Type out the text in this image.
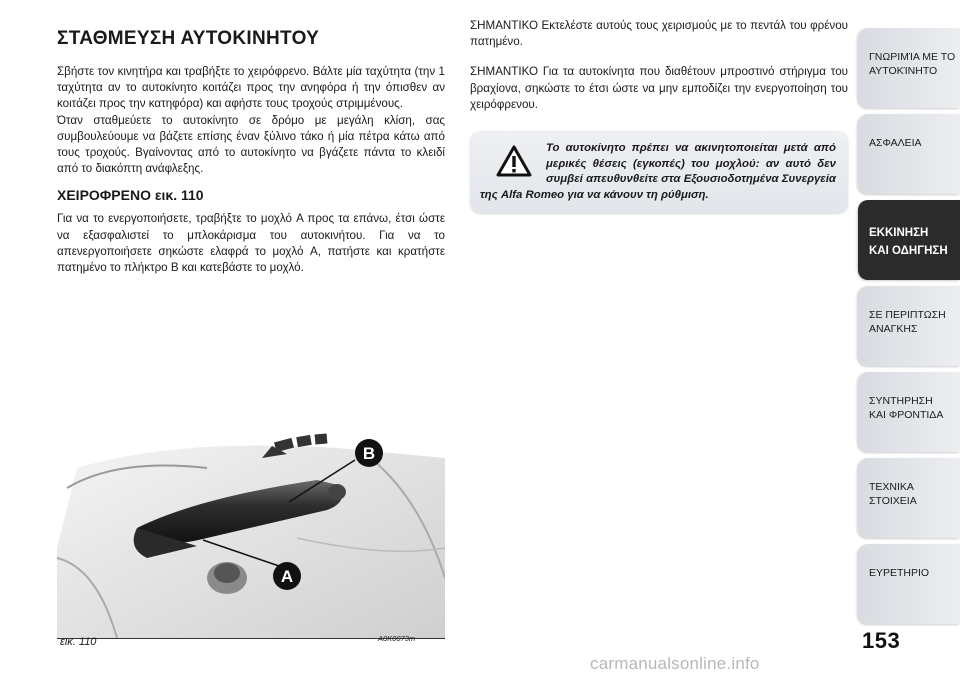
ΣΤΑΘΜΕΥΣΗ ΑΥΤΟΚΙΝΗΤΟΥ

Σβήστε τον κινητήρα και τραβήξτε το χειρόφρενο. Βάλτε μία ταχύτητα (την 1 ταχύτητα αν το αυτοκίνητο κοιτάζει προς την ανηφόρα ή την όπισθεν αν κοιτάζει προς την κατηφόρα) και αφήστε τους τροχούς στριμμένους.

Όταν σταθμεύετε το αυτοκίνητο σε δρόμο με μεγάλη κλίση, σας συμβουλεύουμε να βάζετε επίσης έναν ξύλινο τάκο ή μία πέτρα κάτω από τους τροχούς. Βγαίνοντας από το αυτοκίνητο να βγάζετε πάντα το κλειδί από το διακόπτη ανάφλεξης.

ΧΕΙΡΟΦΡΕΝΟ εικ. 110

Για να το ενεργοποιήσετε, τραβήξτε το μοχλό A προς τα επάνω, έτσι ώστε να εξασφαλιστεί το μπλοκάρισμα του αυτοκινήτου. Για να το απενεργοποιήσετε σηκώστε ελαφρά το μοχλό A, πατήστε και κρατήστε πατημένο το πλήκτρο B και κατεβάστε το μοχλό.

ΣΗΜΑΝΤΙΚΟ Εκτελέστε αυτούς τους χειρισμούς με το πεντάλ του φρένου πατημένο.

ΣΗΜΑΝΤΙΚΟ Για τα αυτοκίνητα που διαθέτουν μπροστινό στήριγμα του βραχίονα, σηκώστε το έτσι ώστε να μην εμποδίζει την ενεργοποίηση του χειρόφρενου.

Το αυτοκίνητο πρέπει να ακινητοποιείται μετά από μερικές θέσεις (εγκοπές) του μοχλού: αν αυτό δεν συμβεί απευθυνθείτε στα Εξουσιοδοτημένα Συνεργεία της Alfa Romeo για να κάνουν τη ρύθμιση.

B
A
εικ. 110	A0K0073m
ΓΝΩΡΙΜΊΑ ΜΕ ΤΟ
ΑΥΤΟΚΊΝΗΤΟ
ΑΣΦΑΛΕΙΑ
ΕΚΚΙΝΗΣΗ
ΚΑΙ ΟΔΗΓΗΣΗ
ΣΕ ΠΕΡΙΠΤΩΣΗ
ΑΝΑΓΚΗΣ
ΣΥΝΤΗΡΗΣΗ
ΚΑΙ ΦΡΟΝΤΙΔΑ
ΤΕΧΝΙΚΑ
ΣΤΟΙΧΕΙΑ
ΕΥΡΕΤΗΡΙΟ
153
carmanualsonline.info
